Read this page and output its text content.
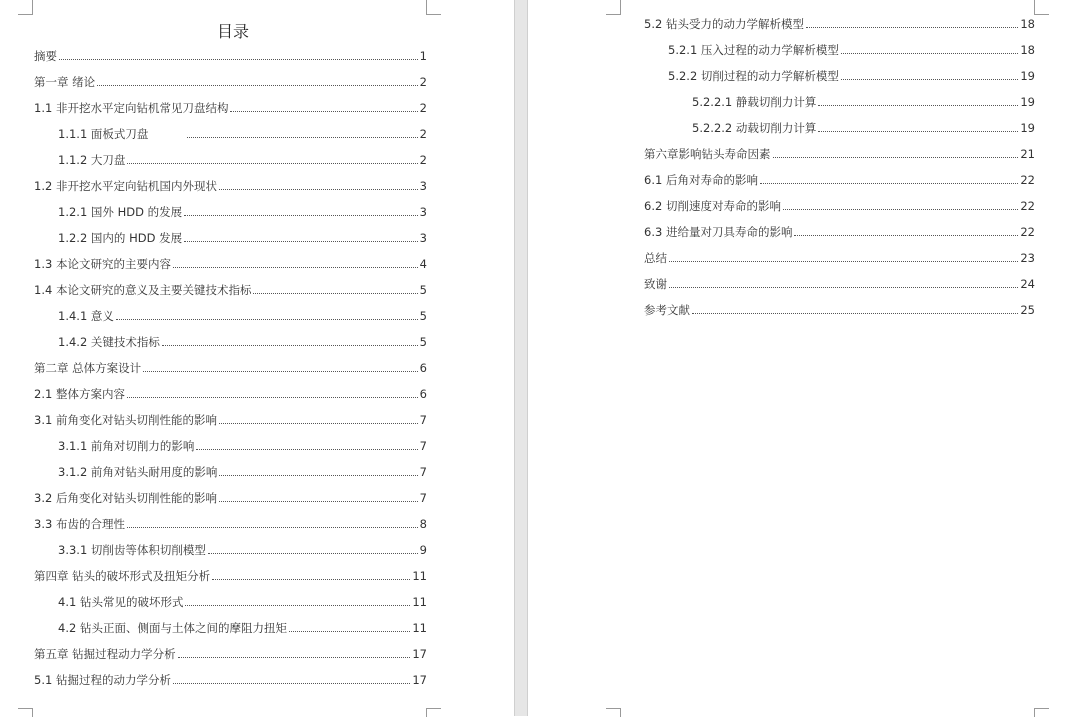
目录
摘要	1
第一章 绪论	2
1.1 非开挖水平定向钻机常见刀盘结构	2
1.1.1 面板式刀盘	2
1.1.2 大刀盘	2
1.2 非开挖水平定向钻机国内外现状	3
1.2.1 国外 HDD 的发展	3
1.2.2 国内的 HDD 发展	3
1.3 本论文研究的主要内容	4
1.4 本论文研究的意义及主要关键技术指标	5
1.4.1 意义	5
1.4.2 关键技术指标	5
第二章 总体方案设计	6
2.1 整体方案内容	6
3.1 前角变化对钻头切削性能的影响	7
3.1.1 前角对切削力的影响	7
3.1.2 前角对钻头耐用度的影响	7
3.2 后角变化对钻头切削性能的影响	7
3.3 布齿的合理性	8
3.3.1 切削齿等体积切削模型	9
第四章 钻头的破坏形式及扭矩分析	11
4.1 钻头常见的破坏形式	11
4.2 钻头正面、侧面与土体之间的摩阻力扭矩	11
第五章 钻掘过程动力学分析	17
5.1 钻掘过程的动力学分析	17
5.2 钻头受力的动力学解析模型	18
5.2.1 压入过程的动力学解析模型	18
5.2.2 切削过程的动力学解析模型	19
5.2.2.1 静载切削力计算	19
5.2.2.2 动载切削力计算	19
第六章影响钻头寿命因素	21
6.1 后角对寿命的影响	22
6.2 切削速度对寿命的影响	22
6.3 进给量对刀具寿命的影响	22
总结	23
致谢	24
参考文献	25
